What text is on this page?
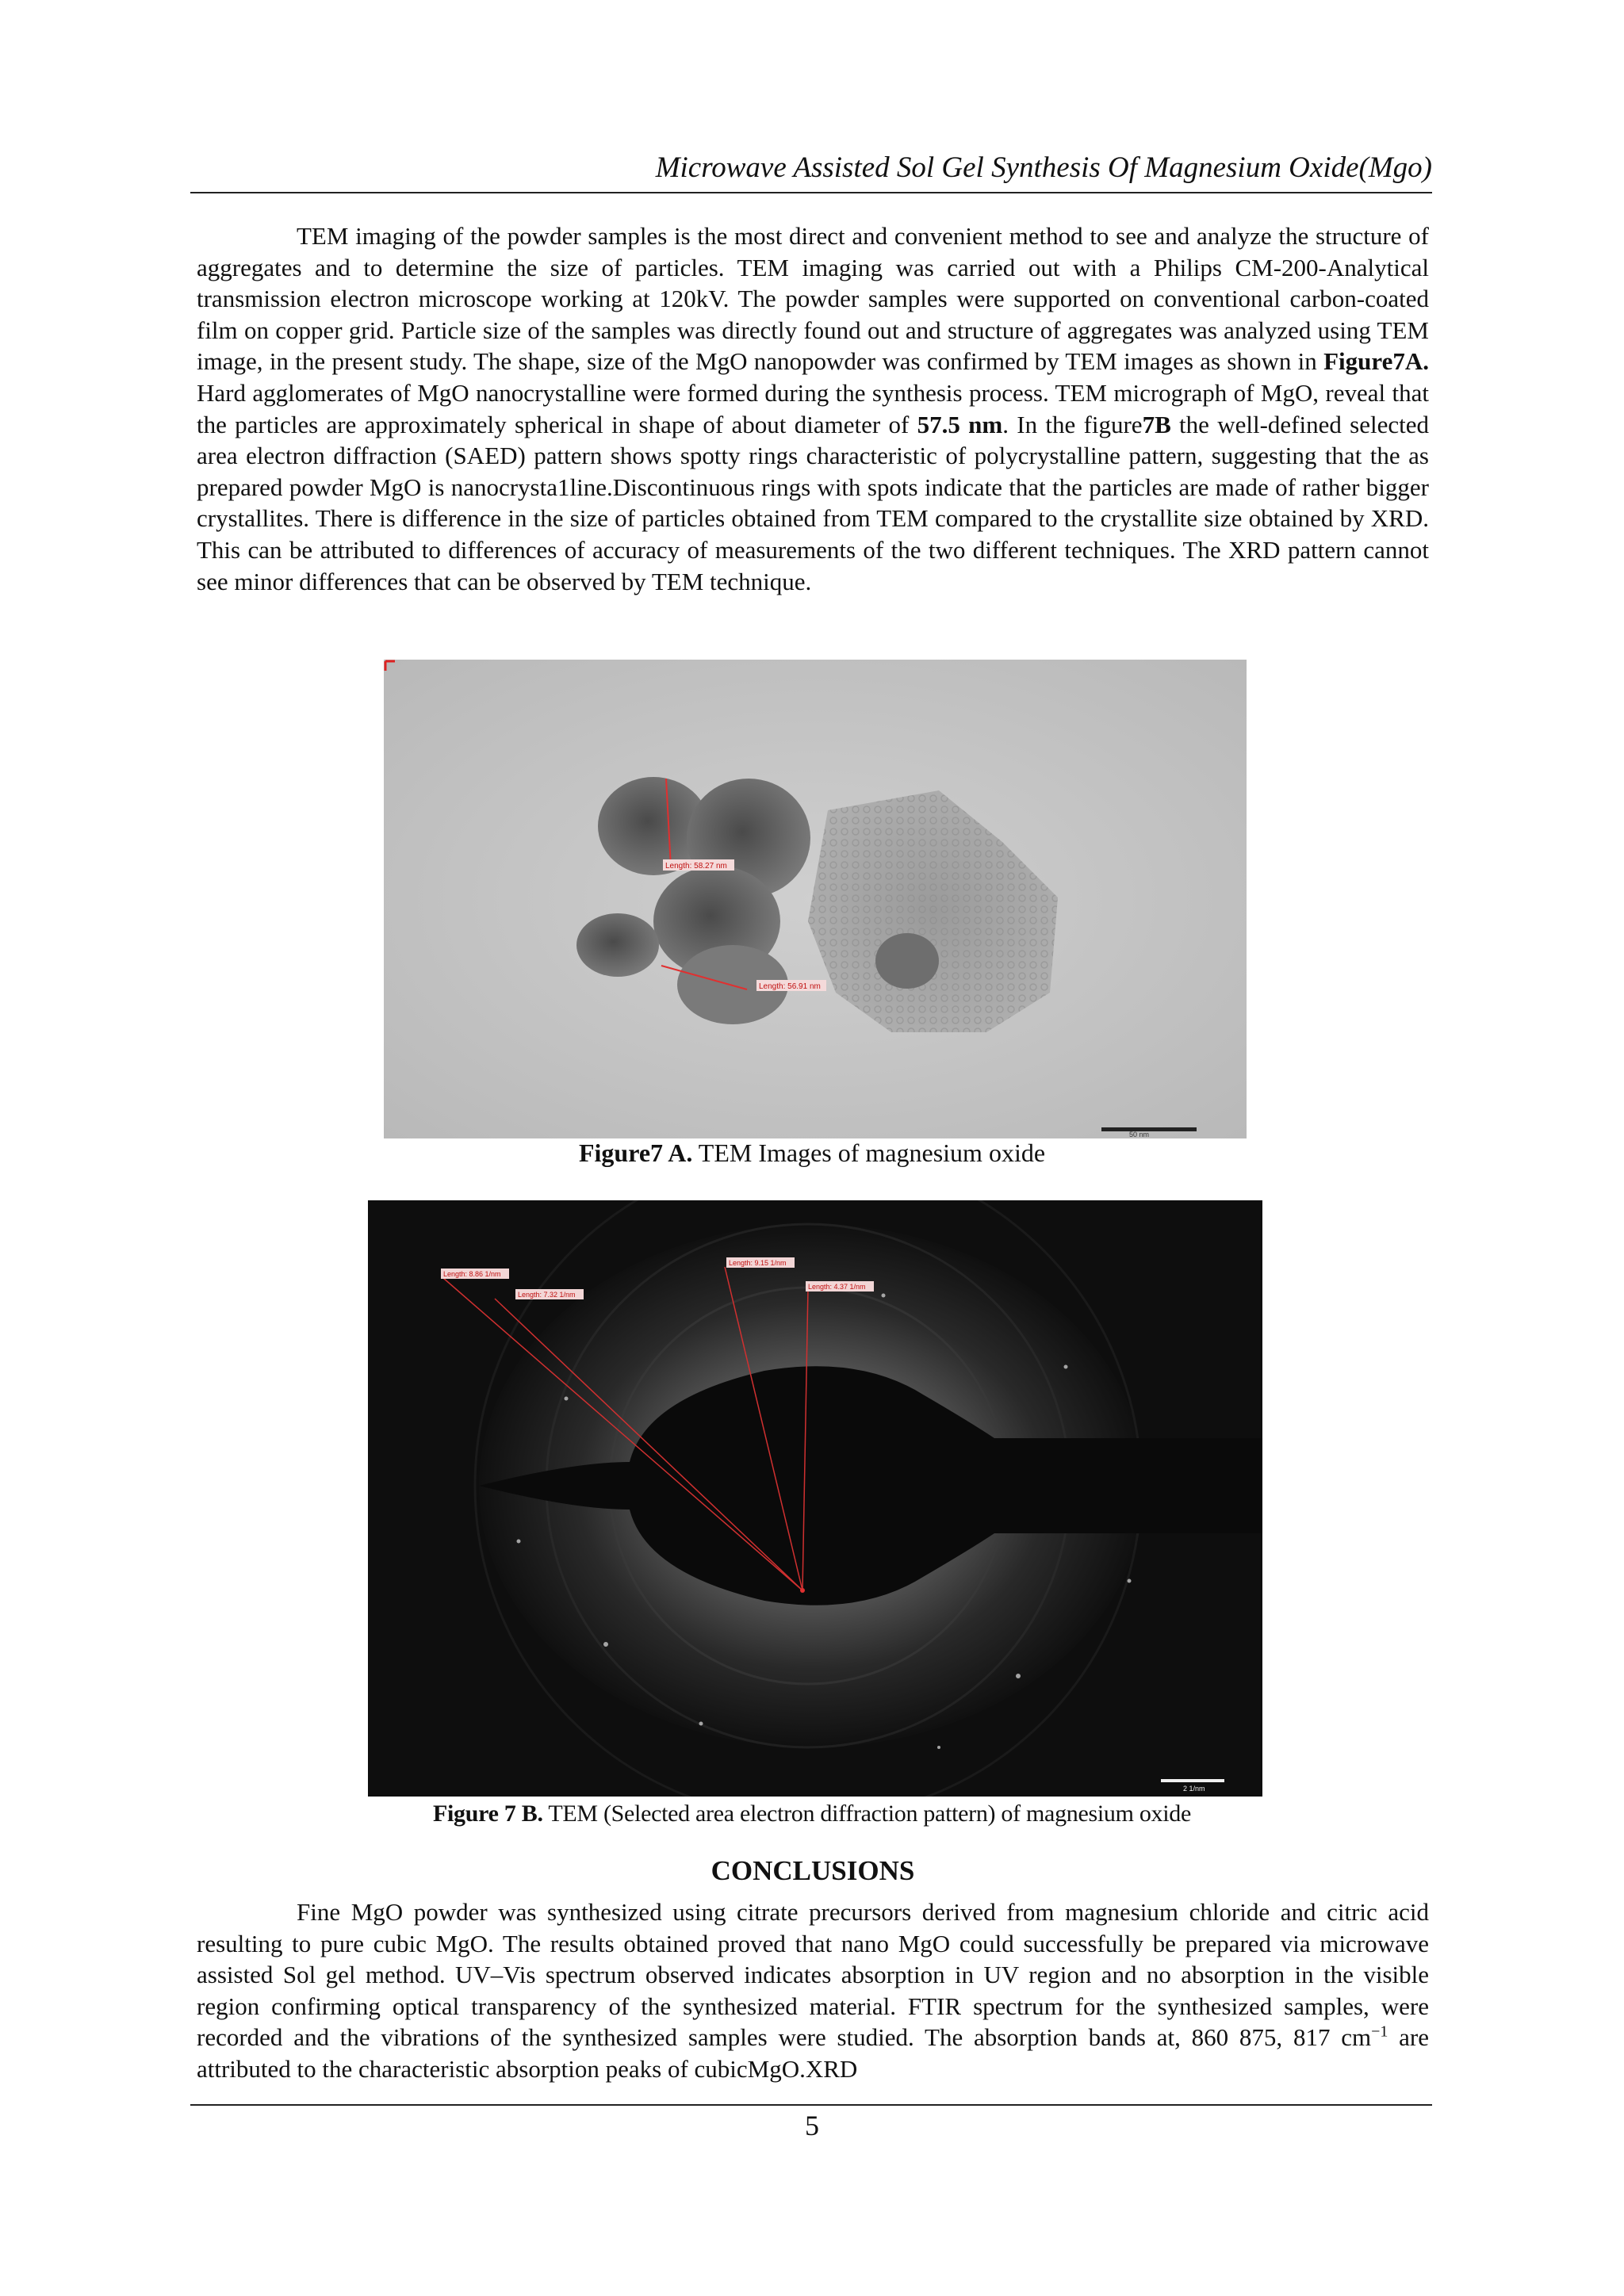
Microwave Assisted Sol Gel Synthesis Of Magnesium Oxide(Mgo)

TEM imaging of the powder samples is the most direct and convenient method to see and analyze the structure of aggregates and to determine the size of particles. TEM imaging was carried out with a Philips CM-200-Analytical transmission electron microscope working at 120kV. The powder samples were supported on conventional carbon-coated film on copper grid. Particle size of the samples was directly found out and structure of aggregates was analyzed using TEM image, in the present study. The shape, size of the MgO nanopowder was confirmed by TEM images as shown in Figure7A. Hard agglomerates of MgO nanocrystalline were formed during the synthesis process. TEM micrograph of MgO, reveal that the particles are approximately spherical in shape of about diameter of 57.5 nm. In the figure7B the well-defined selected area electron diffraction (SAED) pattern shows spotty rings characteristic of polycrystalline pattern, suggesting that the as prepared powder MgO is nanocrysta1line.Discontinuous rings with spots indicate that the particles are made of rather bigger crystallites. There is difference in the size of particles obtained from TEM compared to the crystallite size obtained by XRD. This can be attributed to differences of accuracy of measurements of the two different techniques. The XRD pattern cannot see minor differences that can be observed by TEM technique.

Length: 58.27 nm
Length: 56.91 nm
50 nm
Figure7 A. TEM Images of magnesium oxide
Length: 8.86 1/nm
Length: 7.32 1/nm
Length: 9.15 1/nm
Length: 4.37 1/nm
2 1/nm
Figure 7 B. TEM (Selected area electron diffraction pattern) of magnesium oxide
CONCLUSIONS

Fine MgO powder was synthesized using citrate precursors derived from magnesium chloride and citric acid resulting to pure cubic MgO. The results obtained proved that nano MgO could successfully be prepared via microwave assisted Sol gel method. UV–Vis spectrum observed indicates absorption in UV region and no absorption in the visible region confirming optical transparency of the synthesized material. FTIR spectrum for the synthesized samples, were recorded and the vibrations of the synthesized samples were studied. The absorption bands at, 860 875, 817 $cm^{-1}$ are attributed to the characteristic absorption peaks of cubicMgO.XRD

5
